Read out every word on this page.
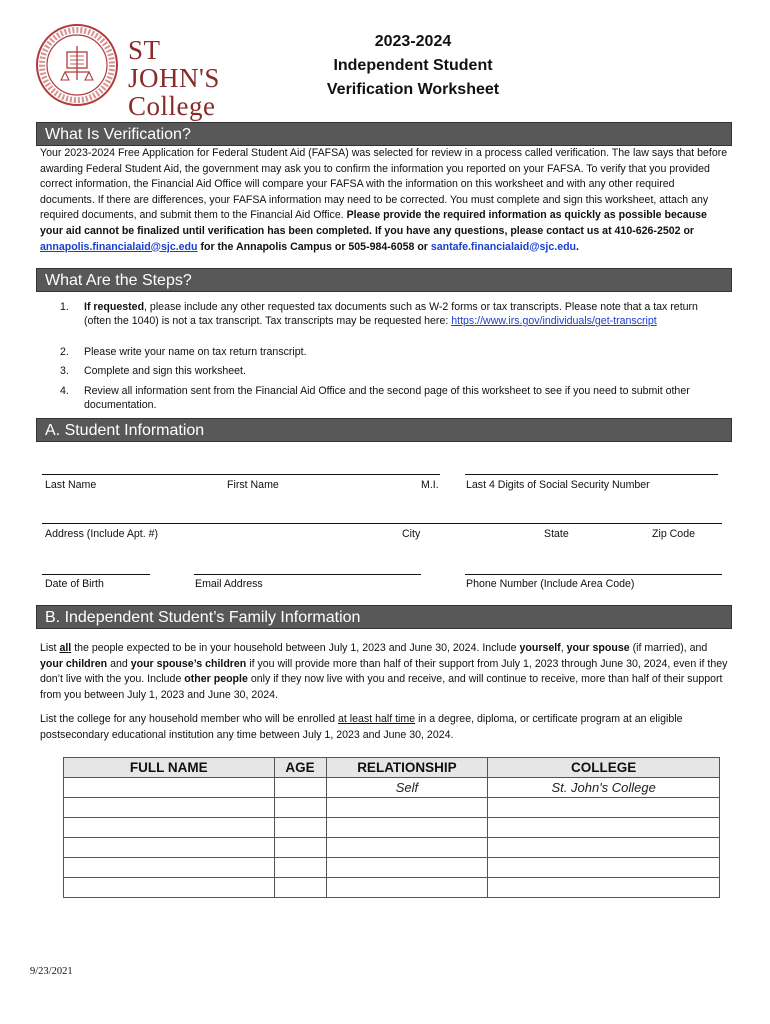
ST JOHN'S
College
2023-2024
Independent Student
Verification Worksheet
What Is Verification?
Your 2023-2024 Free Application for Federal Student Aid (FAFSA) was selected for review in a process called verification. The law says that before awarding Federal Student Aid, the government may ask you to confirm the information you reported on your FAFSA. To verify that you provided correct information, the Financial Aid Office will compare your FAFSA with the information on this worksheet and with any other required documents. If there are differences, your FAFSA information may need to be corrected. You must complete and sign this worksheet, attach any required documents, and submit them to the Financial Aid Office. Please provide the required information as quickly as possible because your aid cannot be finalized until verification has been completed. If you have any questions, please contact us at 410-626-2502 or annapolis.financialaid@sjc.edu for the Annapolis Campus or 505-984-6058 or santafe.financialaid@sjc.edu.
What Are the Steps?
1.	If requested, please include any other requested tax documents such as W-2 forms or tax transcripts. Please note that a tax return (often the 1040) is not a tax transcript. Tax transcripts may be requested here: https://www.irs.gov/individuals/get-transcript
2.	Please write your name on tax return transcript.
3.	Complete and sign this worksheet.
4.	Review all information sent from the Financial Aid Office and the second page of this worksheet to see if you need to submit other documentation.
A. Student Information
Last Name	First Name	M.I.	Last 4 Digits of Social Security Number
Address (Include Apt. #)	City	State	Zip Code
Date of Birth	Email Address	Phone Number (Include Area Code)
B. Independent Student’s Family Information
List all the people expected to be in your household between July 1, 2023 and June 30, 2024. Include yourself, your spouse (if married), and your children and your spouse’s children if you will provide more than half of their support from July 1, 2023 through June 30, 2024, even if they don’t live with the you. Include other people only if they now live with you and receive, and will continue to receive, more than half of their support from you between July 1, 2023 and June 30, 2024.
List the college for any household member who will be enrolled at least half time in a degree, diploma, or certificate program at an eligible postsecondary educational institution any time between July 1, 2023 and June 30, 2024.
FULL NAME	AGE	RELATIONSHIP	COLLEGE
		Self	St. John's College

9/23/2021
